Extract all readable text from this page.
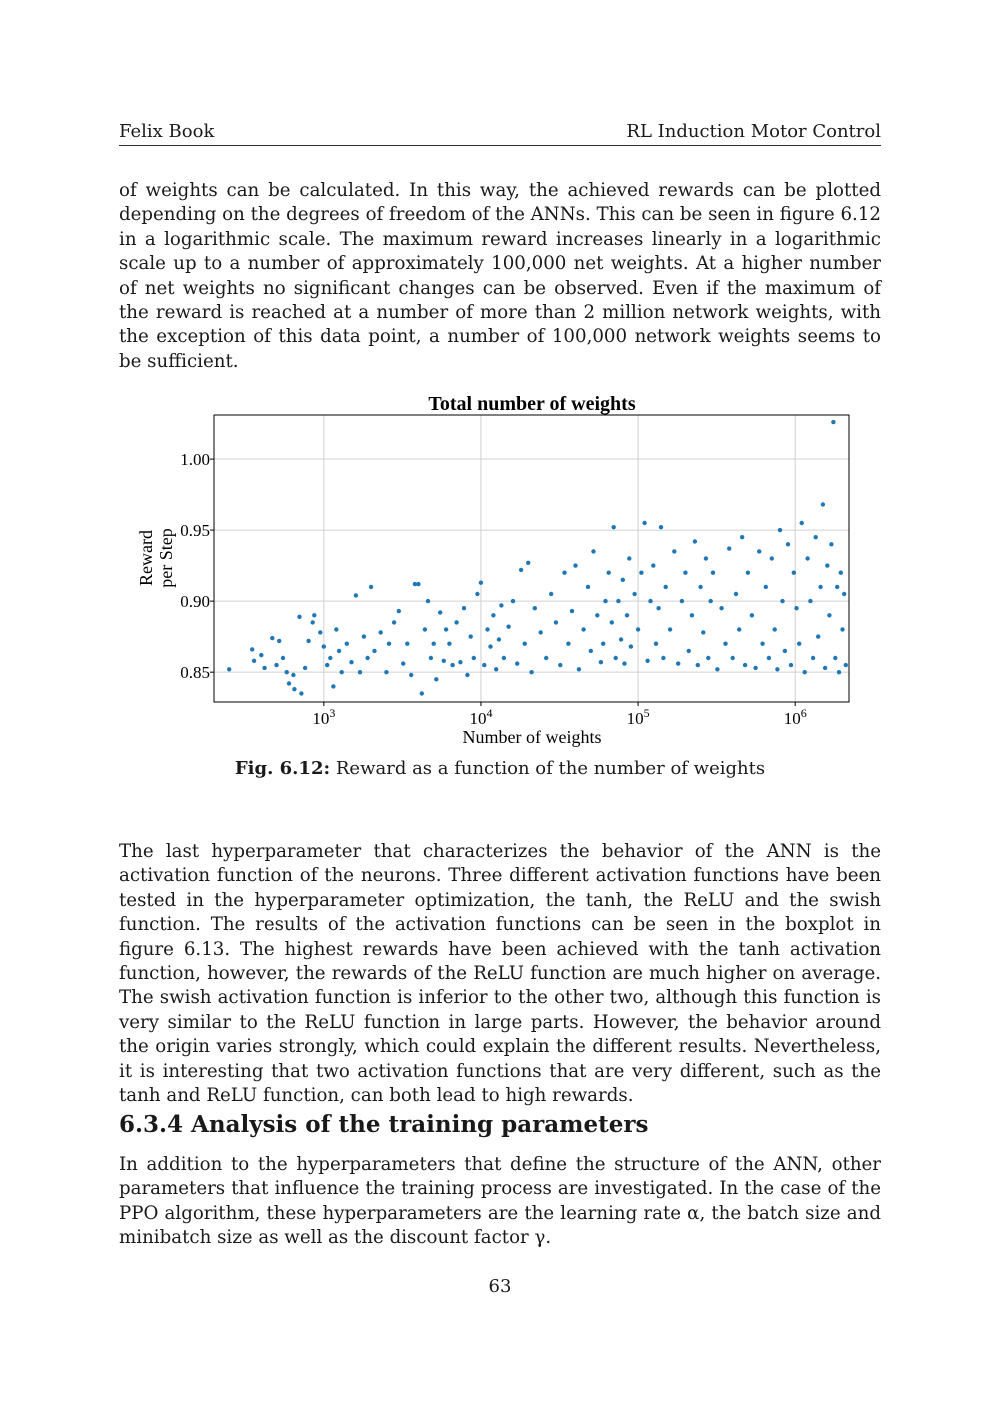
Felix Book	RL Induction Motor Control

of weights can be calculated. In this way, the achieved rewards can be plotted depending on the degrees of freedom of the ANNs. This can be seen in figure 6.12 in a logarithmic scale. The maximum reward increases linearly in a logarithmic scale up to a number of approximately 100,000 net weights. At a higher number of net weights no significant changes can be observed. Even if the maximum of the reward is reached at a number of more than 2 million network weights, with the exception of this data point, a number of 100,000 network weights seems to be sufficient.

Total number of weights
0.85
0.90
0.95
1.00
$10^3$	$10^4$	$10^5$	$10^6$
Number of weights
Reward per Step
Fig. 6.12: Reward as a function of the number of weights

The last hyperparameter that characterizes the behavior of the ANN is the activation function of the neurons. Three different activation functions have been tested in the hyperparameter optimization, the tanh, the ReLU and the swish function. The results of the activation functions can be seen in the boxplot in figure 6.13. The highest rewards have been achieved with the tanh activation function, however, the rewards of the ReLU function are much higher on average. The swish activation function is inferior to the other two, although this function is very similar to the ReLU function in large parts. However, the behavior around the origin varies strongly, which could explain the different results. Nevertheless, it is interesting that two activation functions that are very different, such as the tanh and ReLU function, can both lead to high rewards.

6.3.4 Analysis of the training parameters

In addition to the hyperparameters that define the structure of the ANN, other parameters that influence the training process are investigated. In the case of the PPO algorithm, these hyperparameters are the learning rate α, the batch size and minibatch size as well as the discount factor γ.

63
